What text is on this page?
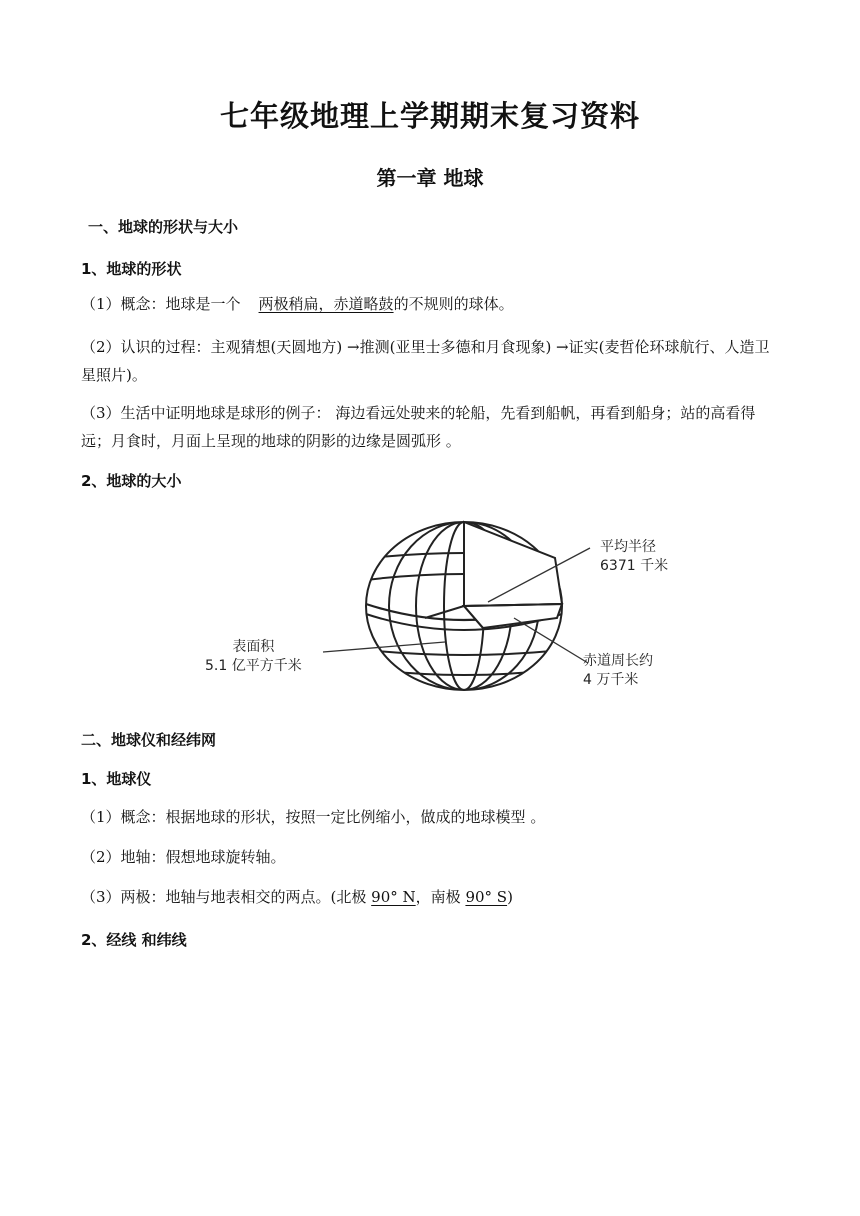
七年级地理上学期期末复习资料
第一章 地球
一、地球的形状与大小
1、地球的形状

（1）概念：地球是一个 两极稍扁，赤道略鼓的不规则的球体。

（2）认识的过程：主观猜想(天圆地方) →推测(亚里士多德和月食现象) →证实(麦哲伦环球航行、人造卫星照片)。

（3）生活中证明地球是球形的例子： 海边看远处驶来的轮船，先看到船帆，再看到船身；站的高看得远；月食时，月面上呈现的地球的阴影的边缘是圆弧形 。

2、地球的大小
平均半径
6371 千米
表面积
5.1 亿平方千米	赤道周长约
4 万千米
二、地球仪和经纬网
1、地球仪

（1）概念：根据地球的形状，按照一定比例缩小，做成的地球模型 。

（2）地轴：假想地球旋转轴。

（3）两极：地轴与地表相交的两点。(北极 90° N，南极 90° S)

2、经线 和纬线
